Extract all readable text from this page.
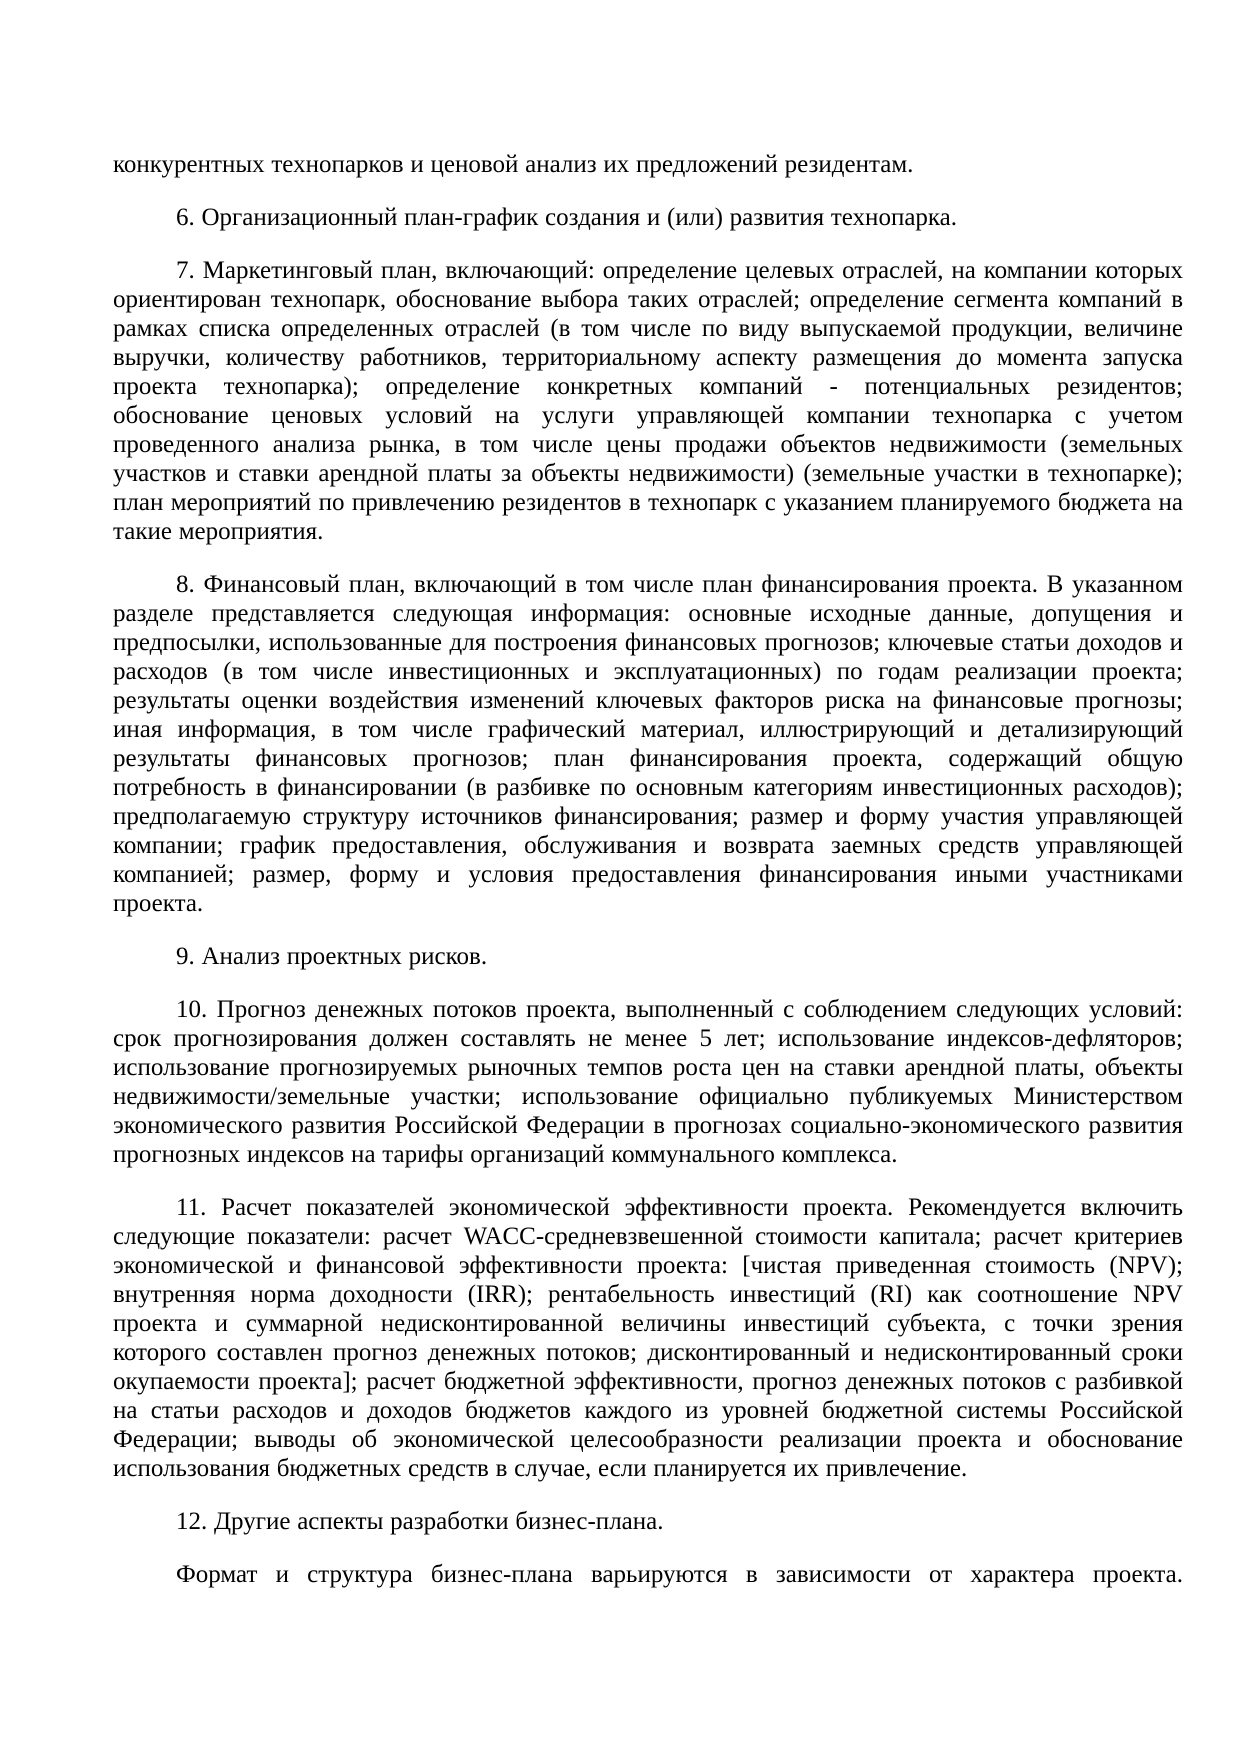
конкурентных технопарков и ценовой анализ их предложений резидентам.

6. Организационный план-график создания и (или) развития технопарка.

7. Маркетинговый план, включающий: определение целевых отраслей, на компании которых ориентирован технопарк, обоснование выбора таких отраслей; определение сегмента компаний в рамках списка определенных отраслей (в том числе по виду выпускаемой продукции, величине выручки, количеству работников, территориальному аспекту размещения до момента запуска проекта технопарка); определение конкретных компаний - потенциальных резидентов; обоснование ценовых условий на услуги управляющей компании технопарка с учетом проведенного анализа рынка, в том числе цены продажи объектов недвижимости (земельных участков и ставки арендной платы за объекты недвижимости) (земельные участки в технопарке); план мероприятий по привлечению резидентов в технопарк с указанием планируемого бюджета на такие мероприятия.

8. Финансовый план, включающий в том числе план финансирования проекта. В указанном разделе представляется следующая информация: основные исходные данные, допущения и предпосылки, использованные для построения финансовых прогнозов; ключевые статьи доходов и расходов (в том числе инвестиционных и эксплуатационных) по годам реализации проекта; результаты оценки воздействия изменений ключевых факторов риска на финансовые прогнозы; иная информация, в том числе графический материал, иллюстрирующий и детализирующий результаты финансовых прогнозов; план финансирования проекта, содержащий общую потребность в финансировании (в разбивке по основным категориям инвестиционных расходов); предполагаемую структуру источников финансирования; размер и форму участия управляющей компании; график предоставления, обслуживания и возврата заемных средств управляющей компанией; размер, форму и условия предоставления финансирования иными участниками проекта.

9. Анализ проектных рисков.

10. Прогноз денежных потоков проекта, выполненный с соблюдением следующих условий: срок прогнозирования должен составлять не менее 5 лет; использование индексов-дефляторов; использование прогнозируемых рыночных темпов роста цен на ставки арендной платы, объекты недвижимости/земельные участки; использование официально публикуемых Министерством экономического развития Российской Федерации в прогнозах социально-экономического развития прогнозных индексов на тарифы организаций коммунального комплекса.

11. Расчет показателей экономической эффективности проекта. Рекомендуется включить следующие показатели: расчет WACC-средневзвешенной стоимости капитала; расчет критериев экономической и финансовой эффективности проекта: [чистая приведенная стоимость (NPV); внутренняя норма доходности (IRR); рентабельность инвестиций (RI) как соотношение NPV проекта и суммарной недисконтированной величины инвестиций субъекта, с точки зрения которого составлен прогноз денежных потоков; дисконтированный и недисконтированный сроки окупаемости проекта]; расчет бюджетной эффективности, прогноз денежных потоков с разбивкой на статьи расходов и доходов бюджетов каждого из уровней бюджетной системы Российской Федерации; выводы об экономической целесообразности реализации проекта и обоснование использования бюджетных средств в случае, если планируется их привлечение.

12. Другие аспекты разработки бизнес-плана.

Формат и структура бизнес-плана варьируются в зависимости от характера проекта.
